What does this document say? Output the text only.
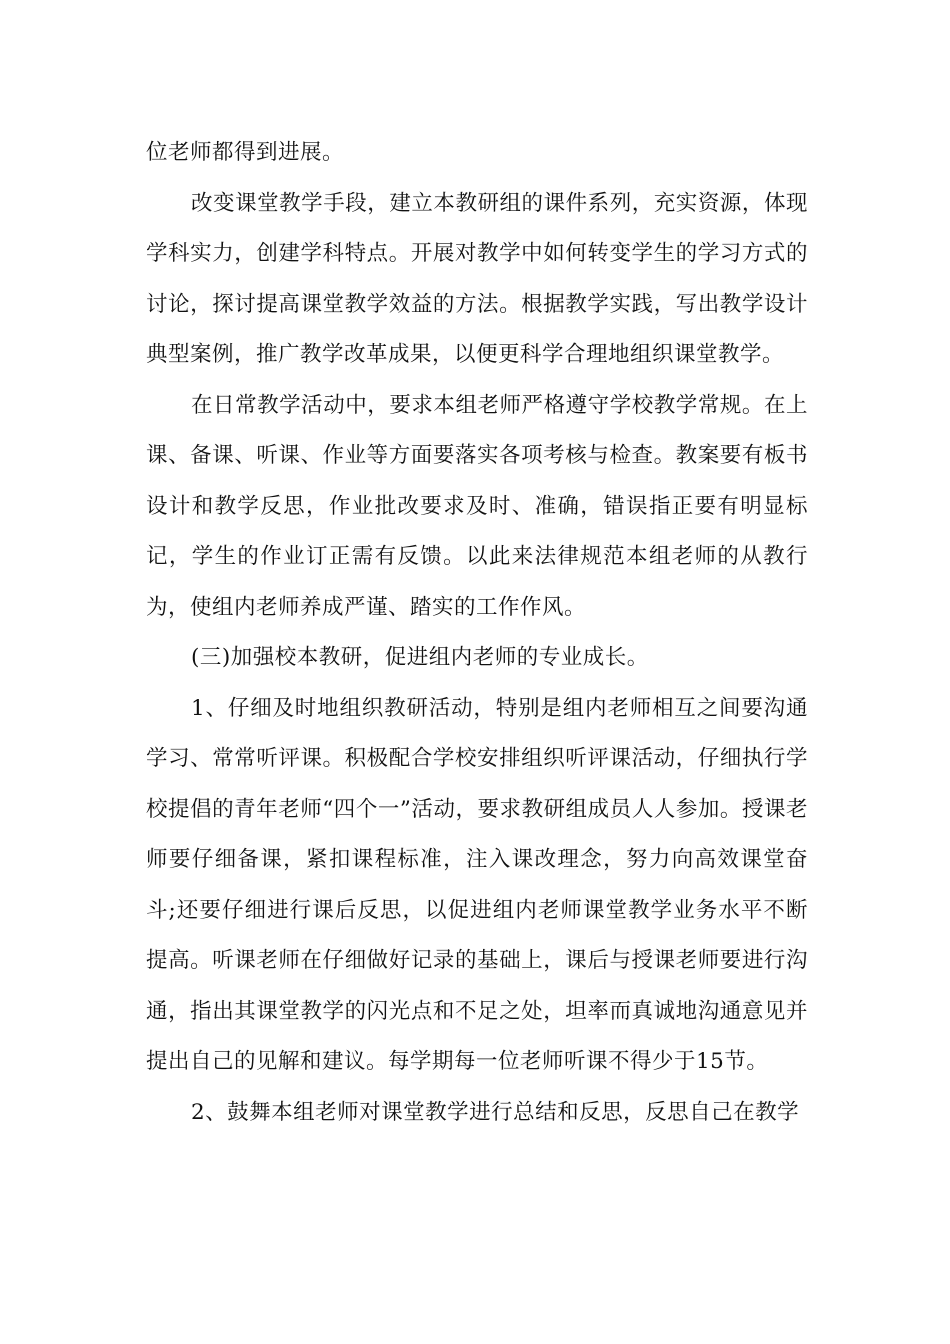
位老师都得到进展。

改变课堂教学手段，建立本教研组的课件系列，充实资源，体现学科实力，创建学科特点。开展对教学中如何转变学生的学习方式的讨论，探讨提高课堂教学效益的方法。根据教学实践，写出教学设计典型案例，推广教学改革成果，以便更科学合理地组织课堂教学。

在日常教学活动中，要求本组老师严格遵守学校教学常规。在上课、备课、听课、作业等方面要落实各项考核与检查。教案要有板书设计和教学反思，作业批改要求及时、准确，错误指正要有明显标记，学生的作业订正需有反馈。以此来法律规范本组老师的从教行为，使组内老师养成严谨、踏实的工作作风。

(三)加强校本教研，促进组内老师的专业成长。

1、仔细及时地组织教研活动，特别是组内老师相互之间要沟通学习、常常听评课。积极配合学校安排组织听评课活动，仔细执行学校提倡的青年老师“四个一”活动，要求教研组成员人人参加。授课老师要仔细备课，紧扣课程标准，注入课改理念，努力向高效课堂奋斗;还要仔细进行课后反思，以促进组内老师课堂教学业务水平不断提高。听课老师在仔细做好记录的基础上，课后与授课老师要进行沟通，指出其课堂教学的闪光点和不足之处，坦率而真诚地沟通意见并提出自己的见解和建议。每学期每一位老师听课不得少于15节。

2、鼓舞本组老师对课堂教学进行总结和反思，反思自己在教学
